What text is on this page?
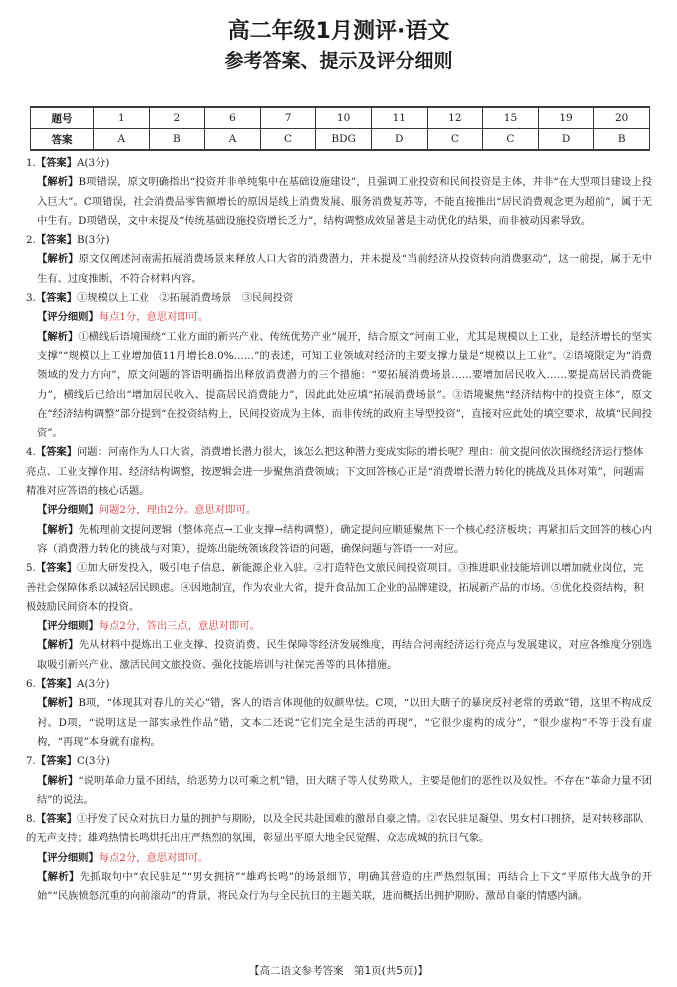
高二年级1月测评·语文
参考答案、提示及评分细则
题号	1	2	6	7	10	11	12	15	19	20
答案	A	B	A	C	BDG	D	C	C	D	B

1.【答案】A(3分)

【解析】B项错误，原文明确指出“投资并非单纯集中在基础设施建设”，且强调工业投资和民间投资是主体，并非“在大型项目建设上投入巨大”。C项错误，社会消费品零售额增长的原因是线上消费发展、服务消费复苏等，不能直接推出“居民消费观念更为超前”，属于无中生有。D项错误，文中未提及“传统基础设施投资增长乏力”，结构调整成效显著是主动优化的结果，而非被动因素导致。

2.【答案】B(3分)

【解析】原文仅阐述河南需拓展消费场景来释放人口大省的消费潜力，并未提及“当前经济从投资转向消费驱动”，这一前提，属于无中生有、过度推断，不符合材料内容。

3.【答案】①规模以上工业　②拓展消费场景　③民间投资

【评分细则】每点1分，意思对即可。

【解析】①横线后语境围绕“工业方面的新兴产业、传统优势产业”展开，结合原文“河南工业，尤其是规模以上工业，是经济增长的坚实支撑”“规模以上工业增加值11月增长8.0%……”的表述，可知工业领域对经济的主要支撑力量是“规模以上工业”。②语境限定为“消费领域的发力方向”，原文问题的答语明确指出释放消费潜力的三个措施：“要拓展消费场景……要增加居民收入……要提高居民消费能力”，横线后已给出“增加居民收入、提高居民消费能力”，因此此处应填“拓展消费场景”。③语境聚焦“经济结构中的投资主体”，原文在“经济结构调整”部分提到“在投资结构上，民间投资成为主体，而非传统的政府主导型投资”，直接对应此处的填空要求，故填“民间投资”。

4.【答案】问题：河南作为人口大省，消费增长潜力很大，该怎么把这种潜力变成实际的增长呢？理由：前文提问依次围绕经济运行整体亮点、工业支撑作用、经济结构调整，按逻辑会进一步聚焦消费领域；下文回答核心正是“消费增长潜力转化的挑战及具体对策”，问题需精准对应答语的核心话题。

【评分细则】问题2分，理由2分。意思对即可。

【解析】先梳理前文提问逻辑（整体亮点→工业支撑→结构调整），确定提问应顺延聚焦下一个核心经济板块；再紧扣后文回答的核心内容（消费潜力转化的挑战与对策），提炼出能统领该段答语的问题，确保问题与答语一一对应。

5.【答案】①加大研发投入，吸引电子信息、新能源企业入驻。②打造特色文旅民间投资项目。③推进职业技能培训以增加就业岗位，完善社会保障体系以减轻居民顾虑。④因地制宜，作为农业大省，提升食品加工企业的品牌建设，拓展新产品的市场。⑤优化投资结构，积极鼓励民间资本的投资。

【评分细则】每点2分，答出三点，意思对即可。

【解析】先从材料中提炼出工业支撑、投资消费、民生保障等经济发展维度，再结合河南经济运行亮点与发展建议，对应各维度分别选取吸引新兴产业、激活民间文旅投资、强化技能培训与社保完善等的具体措施。

6.【答案】A(3分)

【解析】B项，“体现其对春儿的关心”错，客人的语言体现他的奴颜卑怯。C项，“以田大瞎子的暴戾反衬老常的勇敢”错，这里不构成反衬。D项，“说明这是一部实录性作品”错，文本二还说“它们完全是生活的再现”，“它很少虚构的成分”，“很少虚构”不等于没有虚构，“再现”本身就有虚构。

7.【答案】C(3分)

【解析】“说明革命力量不团结，给恶势力以可乘之机”错，田大瞎子等人仗势欺人，主要是他们的恶性以及奴性。不存在“革命力量不团结”的说法。

8.【答案】①抒发了民众对抗日力量的拥护与期盼，以及全民共赴国难的激昂自豪之情。②农民驻足凝望、男女村口拥挤，是对转移部队的无声支持；雄鸡热情长鸣烘托出庄严热烈的氛围，彰显出平原大地全民觉醒、众志成城的抗日气象。

【评分细则】每点2分，意思对即可。

【解析】先抓取句中“农民驻足”“男女拥挤”“雄鸡长鸣”的场景细节，明确其营造的庄严热烈氛围；再结合上下文“平原伟大战争的开始”“民族愤怒沉重的向前滚动”的背景，将民众行为与全民抗日的主题关联，进而概括出拥护期盼、激昂自豪的情感内涵。

【高二语文参考答案　第1页(共5页)】
